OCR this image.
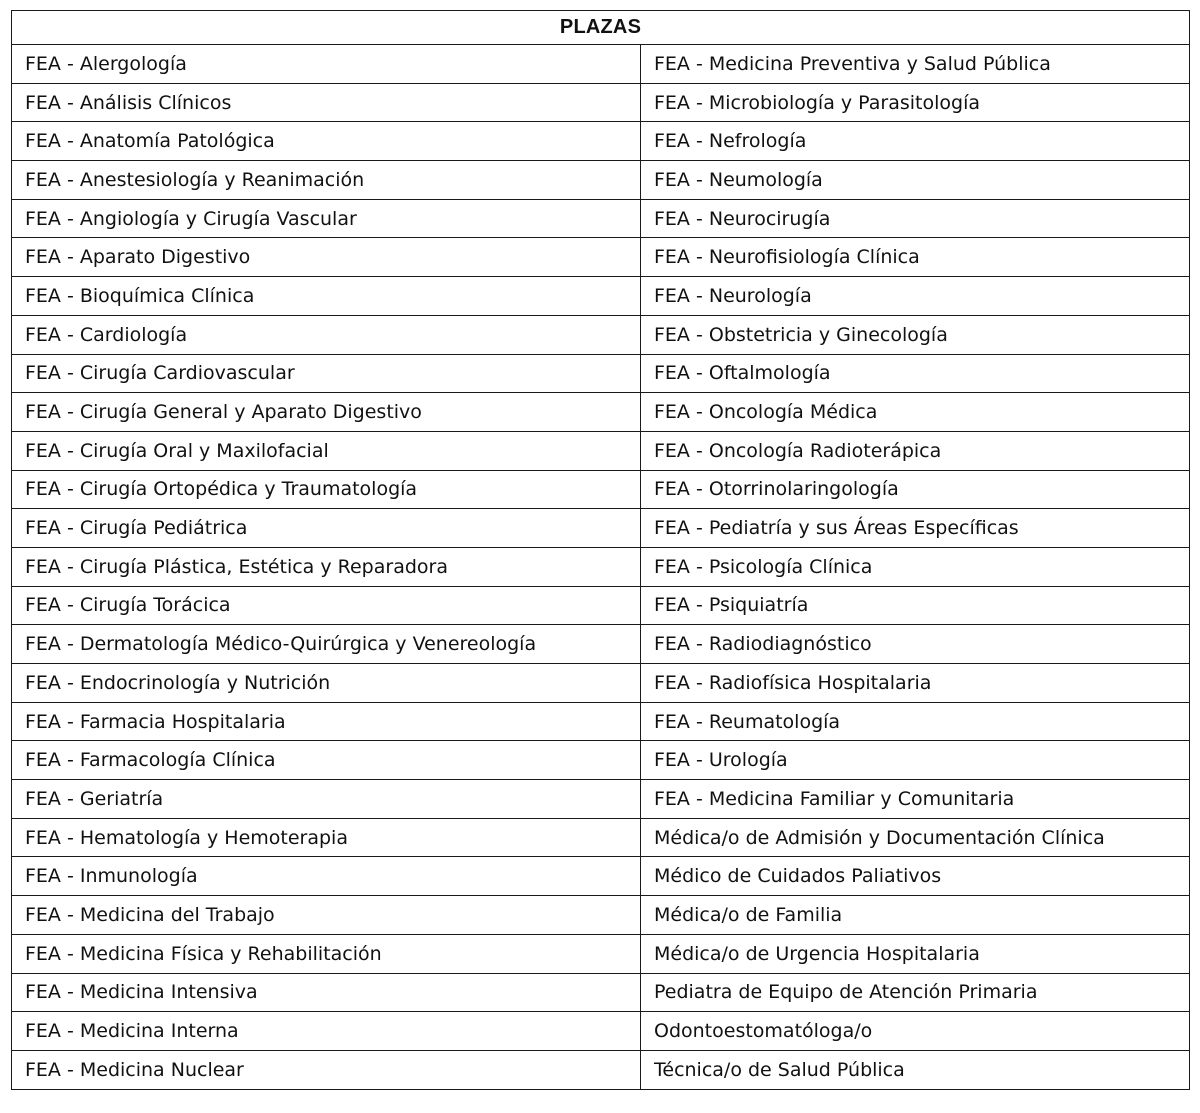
PLAZAS	
FEA - Alergología	FEA - Medicina Preventiva y Salud Pública
FEA - Análisis Clínicos	FEA - Microbiología y Parasitología
FEA - Anatomía Patológica	FEA - Nefrología
FEA - Anestesiología y Reanimación	FEA - Neumología
FEA - Angiología y Cirugía Vascular	FEA - Neurocirugía
FEA - Aparato Digestivo	FEA - Neurofisiología Clínica
FEA - Bioquímica Clínica	FEA - Neurología
FEA - Cardiología	FEA - Obstetricia y Ginecología
FEA - Cirugía Cardiovascular	FEA - Oftalmología
FEA - Cirugía General y Aparato Digestivo	FEA - Oncología Médica
FEA - Cirugía Oral y Maxilofacial	FEA - Oncología Radioterápica
FEA - Cirugía Ortopédica y Traumatología	FEA - Otorrinolaringología
FEA - Cirugía Pediátrica	FEA - Pediatría y sus Áreas Específicas
FEA - Cirugía Plástica, Estética y Reparadora	FEA - Psicología Clínica
FEA - Cirugía Torácica	FEA - Psiquiatría
FEA - Dermatología Médico-Quirúrgica y Venereología	FEA - Radiodiagnóstico
FEA - Endocrinología y Nutrición	FEA - Radiofísica Hospitalaria
FEA - Farmacia Hospitalaria	FEA - Reumatología
FEA - Farmacología Clínica	FEA - Urología
FEA - Geriatría	FEA - Medicina Familiar y Comunitaria
FEA - Hematología y Hemoterapia	Médica/o de Admisión y Documentación Clínica
FEA - Inmunología	Médico de Cuidados Paliativos
FEA - Medicina del Trabajo	Médica/o de Familia
FEA - Medicina Física y Rehabilitación	Médica/o de Urgencia Hospitalaria
FEA - Medicina Intensiva	Pediatra de Equipo de Atención Primaria
FEA - Medicina Interna	Odontoestomatóloga/o
FEA - Medicina Nuclear	Técnica/o de Salud Pública
